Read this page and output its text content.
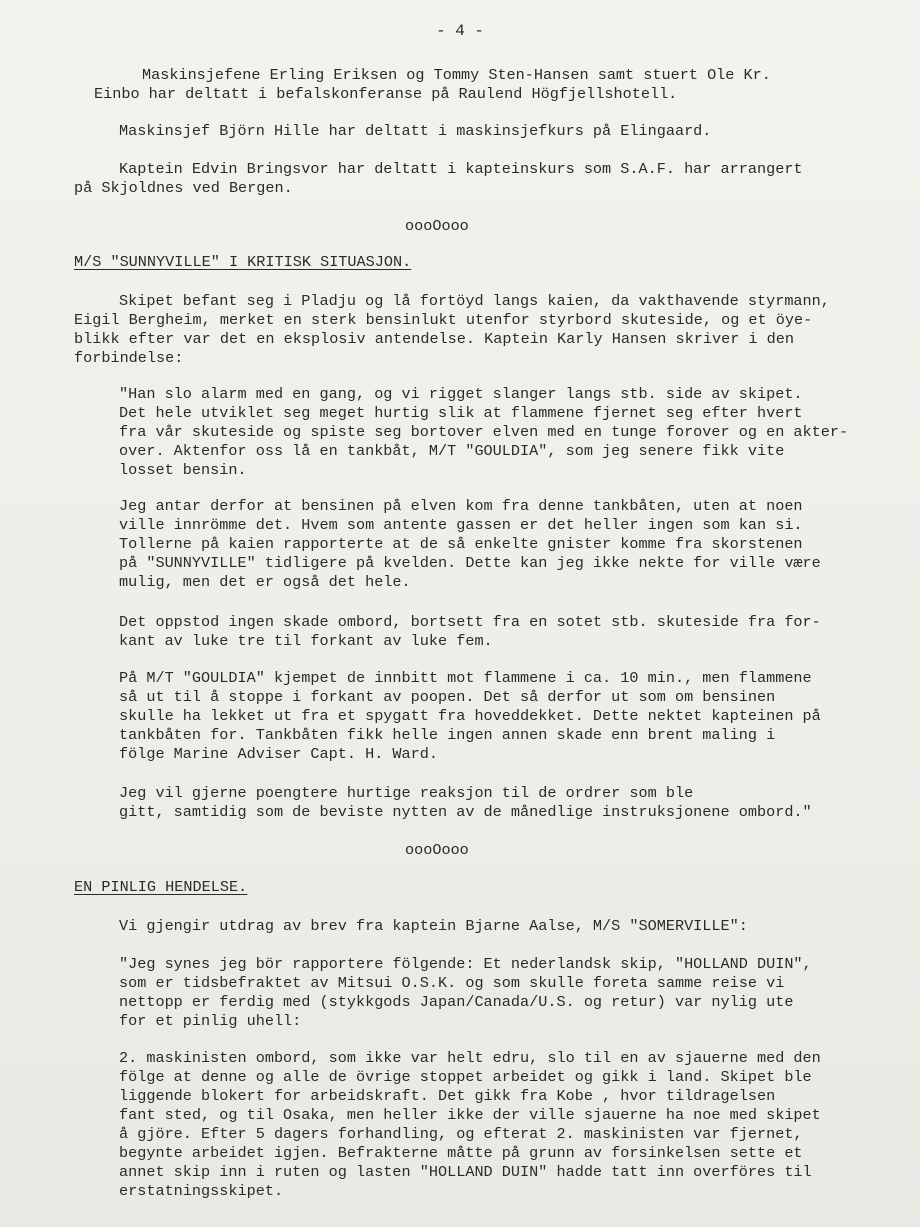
- 4 -
Maskinsjefene Erling Eriksen og Tommy Sten-Hansen samt stuert Ole Kr.
Einbo har deltatt i befalskonferanse på Raulend Högfjellshotell.
Maskinsjef Björn Hille har deltatt i maskinsjefkurs på Elingaard.
Kaptein Edvin Bringsvor har deltatt i kapteinskurs som S.A.F. har arrangert
på Skjoldnes ved Bergen.
oooOooo
M/S "SUNNYVILLE" I KRITISK SITUASJON.
Skipet befant seg i Pladju og lå fortöyd langs kaien, da vakthavende styrmann,
Eigil Bergheim, merket en sterk bensinlukt utenfor styrbord skuteside, og et öye-
blikk efter var det en eksplosiv antendelse. Kaptein Karly Hansen skriver i den
forbindelse:
"Han slo alarm med en gang, og vi rigget slanger langs stb. side av skipet.
Det hele utviklet seg meget hurtig slik at flammene fjernet seg efter hvert
fra vår skuteside og spiste seg bortover elven med en tunge forover og en akter-
over. Aktenfor oss lå en tankbåt, M/T "GOULDIA", som jeg senere fikk vite
losset bensin.
Jeg antar derfor at bensinen på elven kom fra denne tankbåten, uten at noen
ville innrömme det. Hvem som antente gassen er det heller ingen som kan si.
Tollerne på kaien rapporterte at de så enkelte gnister komme fra skorstenen
på "SUNNYVILLE" tidligere på kvelden. Dette kan jeg ikke nekte for ville være
mulig, men det er også det hele.
Det oppstod ingen skade ombord, bortsett fra en sotet stb. skuteside fra for-
kant av luke tre til forkant av luke fem.
På M/T "GOULDIA" kjempet de innbitt mot flammene i ca. 10 min., men flammene
så ut til å stoppe i forkant av poopen. Det så derfor ut som om bensinen
skulle ha lekket ut fra et spygatt fra hoveddekket. Dette nektet kapteinen på
tankbåten for. Tankbåten fikk helle ingen annen skade enn brent maling i
fölge Marine Adviser Capt. H. Ward.
Jeg vil gjerne poengtere hurtige reaksjon til de ordrer som ble
gitt, samtidig som de beviste nytten av de månedlige instruksjonene ombord."
oooOooo
EN PINLIG HENDELSE.
Vi gjengir utdrag av brev fra kaptein Bjarne Aalse, M/S "SOMERVILLE":
"Jeg synes jeg bör rapportere fölgende: Et nederlandsk skip, "HOLLAND DUIN",
som er tidsbefraktet av Mitsui O.S.K. og som skulle foreta samme reise vi
nettopp er ferdig med (stykkgods Japan/Canada/U.S. og retur) var nylig ute
for et pinlig uhell:
2. maskinisten ombord, som ikke var helt edru, slo til en av sjauerne med den
fölge at denne og alle de övrige stoppet arbeidet og gikk i land. Skipet ble
liggende blokert for arbeidskraft. Det gikk fra Kobe , hvor tildragelsen
fant sted, og til Osaka, men heller ikke der ville sjauerne ha noe med skipet
å gjöre. Efter 5 dagers forhandling, og efterat 2. maskinisten var fjernet,
begynte arbeidet igjen. Befrakterne måtte på grunn av forsinkelsen sette et
annet skip inn i ruten og lasten "HOLLAND DUIN" hadde tatt inn overföres til
erstatningsskipet.
